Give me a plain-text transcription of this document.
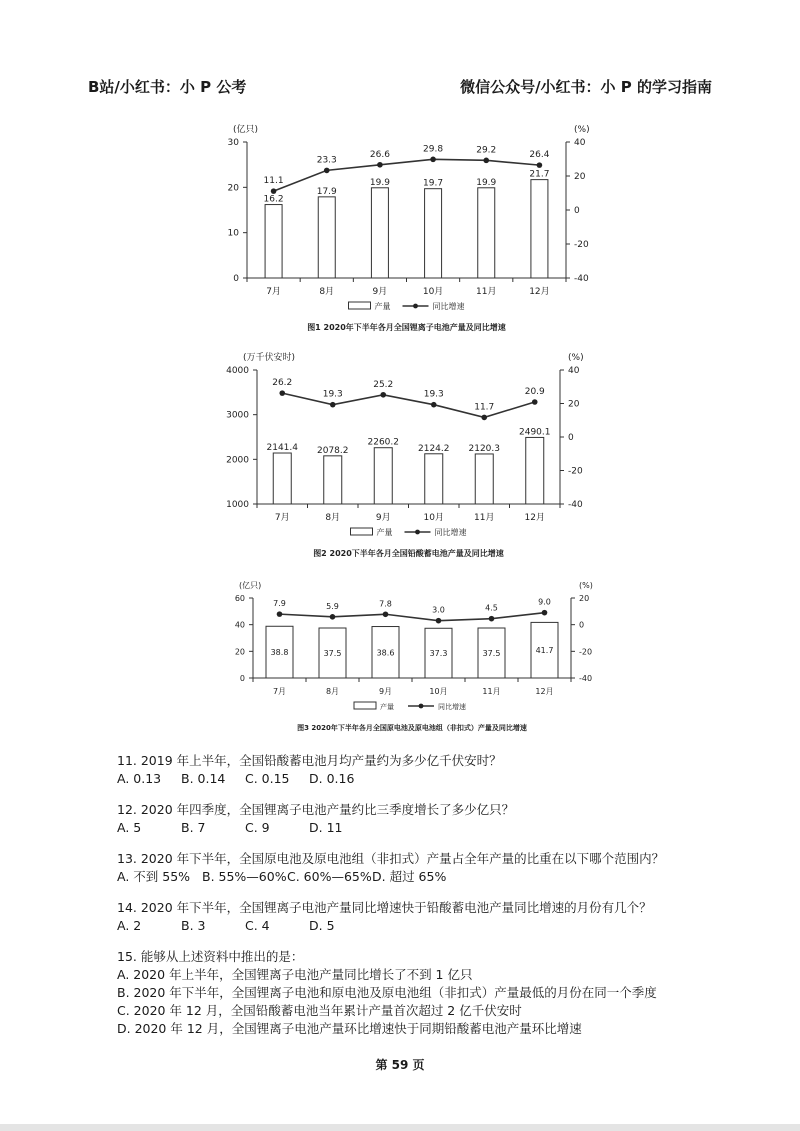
B站/小红书：小 P 公考	微信公众号/小红书：小 P 的学习指南
(亿只)	(%)
0
10
20
30
-40
-20
0
20
40
7月	8月	9月	10月	11月	12月
16.2
17.9
19.9	19.7	19.9
21.7
11.1
23.3
26.6
29.8	29.2	26.4
产量	同比增速
图1 2020年下半年各月全国锂离子电池产量及同比增速
(万千伏安时)	(%)
1000
2000
3000
4000
-40
-20
0
20
40
7月	8月	9月	10月	11月	12月
2141.4 2078.2
2260.2
2124.2 2120.3
2490.1
26.2
19.3
25.2
19.3
11.7
20.9
产量	同比增速
图2 2020下半年各月全国铅酸蓄电池产量及同比增速
(亿只)	(%)
0
20
40
60
-40
-20
0
20
7月	8月	9月	10月	11月	12月
38.8	37.5	38.6	37.3	37.5	41.7
7.9	5.9	7.8
3.0	4.5
9.0
产量	同比增速
图3 2020年下半年各月全国原电池及原电池组（非扣式）产量及同比增速
11. 2019 年上半年，全国铅酸蓄电池月均产量约为多少亿千伏安时？
A. 0.13	B. 0.14	C. 0.15	D. 0.16
12. 2020 年四季度，全国锂离子电池产量约比三季度增长了多少亿只？
A. 5	B. 7	C. 9	D. 11
13. 2020 年下半年，全国原电池及原电池组（非扣式）产量占全年产量的比重在以下哪个范围内？
A. 不到 55% B. 55%—60% C. 60%—65% D. 超过 65%
14. 2020 年下半年，全国锂离子电池产量同比增速快于铅酸蓄电池产量同比增速的月份有几个？
A. 2	B. 3	C. 4	D. 5
15. 能够从上述资料中推出的是：
A. 2020 年上半年，全国锂离子电池产量同比增长了不到 1 亿只
B. 2020 年下半年，全国锂离子电池和原电池及原电池组（非扣式）产量最低的月份在同一个季度
C. 2020 年 12 月，全国铅酸蓄电池当年累计产量首次超过 2 亿千伏安时
D. 2020 年 12 月，全国锂离子电池产量环比增速快于同期铅酸蓄电池产量环比增速
第 59 页
